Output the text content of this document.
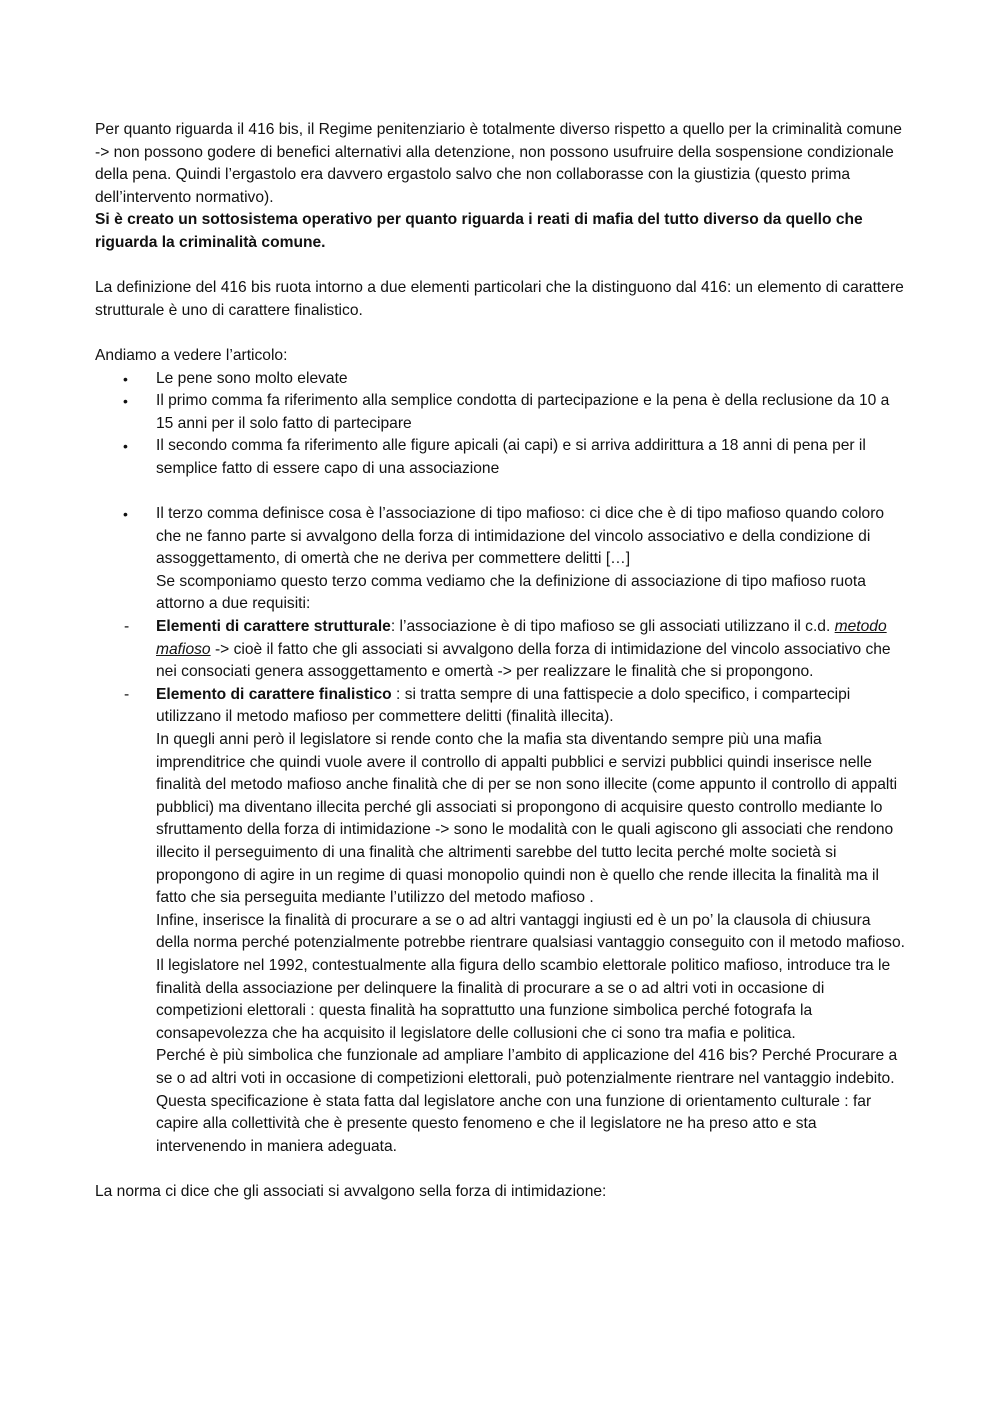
Per quanto riguarda il 416 bis, il Regime penitenziario è totalmente diverso rispetto a quello per la criminalità comune -> non possono godere di benefici alternativi alla detenzione, non possono usufruire della sospensione condizionale della pena. Quindi l’ergastolo era davvero ergastolo salvo che non collaborasse con la giustizia (questo prima dell’intervento normativo).

Si è creato un sottosistema operativo per quanto riguarda i reati di mafia del tutto diverso da quello che riguarda la criminalità comune.

La definizione del 416 bis ruota intorno a due elementi particolari che la distinguono dal 416: un elemento di carattere strutturale è uno di carattere finalistico.

Andiamo a vedere l’articolo:

• Le pene sono molto elevate
• Il primo comma fa riferimento alla semplice condotta di partecipazione e la pena è della reclusione da 10 a 15 anni per il solo fatto di partecipare
• Il secondo comma fa riferimento alle figure apicali (ai capi) e si arriva addirittura a 18 anni di pena per il semplice fatto di essere capo di una associazione
• Il terzo comma definisce cosa è l’associazione di tipo mafioso: ci dice che è di tipo mafioso quando coloro che ne fanno parte si avvalgono della forza di intimidazione del vincolo associativo e della condizione di assoggettamento, di omertà che ne deriva per commettere delitti […]

Se scomponiamo questo terzo comma vediamo che la definizione di associazione di tipo mafioso ruota attorno a due requisiti:

- Elementi di carattere strutturale: l’associazione è di tipo mafioso se gli associati utilizzano il c.d. metodo mafioso -> cioè il fatto che gli associati si avvalgono della forza di intimidazione del vincolo associativo che nei consociati genera assoggettamento e omertà -> per realizzare le finalità che si propongono.
- Elemento di carattere finalistico : si tratta sempre di una fattispecie a dolo specifico, i compartecipi utilizzano il metodo mafioso per commettere delitti (finalità illecita).

In quegli anni però il legislatore si rende conto che la mafia sta diventando sempre più una mafia imprenditrice che quindi vuole avere il controllo di appalti pubblici e servizi pubblici quindi inserisce nelle finalità del metodo mafioso anche finalità che di per se non sono illecite (come appunto il controllo di appalti pubblici) ma diventano illecita perché gli associati si propongono di acquisire questo controllo mediante lo sfruttamento della forza di intimidazione -> sono le modalità con le quali agiscono gli associati che rendono illecito il perseguimento di una finalità che altrimenti sarebbe del tutto lecita perché molte società si propongono di agire in un regime di quasi monopolio quindi non è quello che rende illecita la finalità ma il fatto che sia perseguita mediante l’utilizzo del metodo mafioso .

Infine, inserisce la finalità di procurare a se o ad altri vantaggi ingiusti ed è un po’ la clausola di chiusura della norma perché potenzialmente potrebbe rientrare qualsiasi vantaggio conseguito con il metodo mafioso.

Il legislatore nel 1992, contestualmente alla figura dello scambio elettorale politico mafioso, introduce tra le finalità della associazione per delinquere la finalità di procurare a se o ad altri voti in occasione di competizioni elettorali : questa finalità ha soprattutto una funzione simbolica perché fotografa la consapevolezza che ha acquisito il legislatore delle collusioni che ci sono tra mafia e politica.

Perché è più simbolica che funzionale ad ampliare l’ambito di applicazione del 416 bis? Perché Procurare a se o ad altri voti in occasione di competizioni elettorali, può potenzialmente rientrare nel vantaggio indebito. Questa specificazione è stata fatta dal legislatore anche con una funzione di orientamento culturale : far capire alla collettività che è presente questo fenomeno e che il legislatore ne ha preso atto e sta intervenendo in maniera adeguata.

La norma ci dice che gli associati si avvalgono sella forza di intimidazione:
